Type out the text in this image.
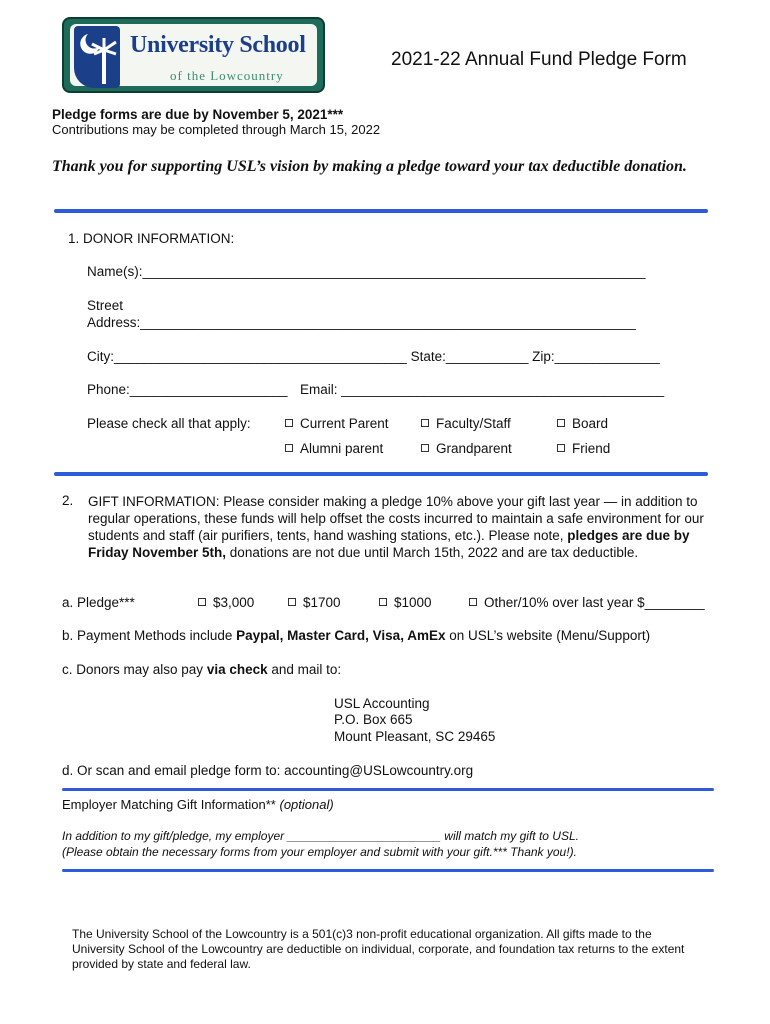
University School
of the Lowcountry
2021-22 Annual Fund Pledge Form
Pledge forms are due by November 5, 2021***
Contributions may be completed through March 15, 2022
Thank you for supporting USL’s vision by making a pledge toward your tax deductible donation.
1. DONOR INFORMATION:
Name(s):___________________________________________________________________
Street
Address:__________________________________________________________________
City:_______________________________________ State:___________ Zip:______________
Phone:_____________________ Email: ___________________________________________
Please check all that apply:	Current Parent	Faculty/Staff	Board
Alumni parent	Grandparent	Friend
2. GIFT INFORMATION: Please consider making a pledge 10% above your gift last year — in addition to regular operations, these funds will help offset the costs incurred to maintain a safe environment for our students and staff (air purifiers, tents, hand washing stations, etc.). Please note, pledges are due by Friday November 5th, donations are not due until March 15th, 2022 and are tax deductible.
a. Pledge***	$3,000	$1700	$1000	Other/10% over last year $________
b. Payment Methods include Paypal, Master Card, Visa, AmEx on USL’s website (Menu/Support)
c. Donors may also pay via check and mail to:
USL Accounting
P.O. Box 665
Mount Pleasant, SC 29465
d. Or scan and email pledge form to: accounting@USLowcountry.org
Employer Matching Gift Information** (optional)
In addition to my gift/pledge, my employer _______________________ will match my gift to USL.
(Please obtain the necessary forms from your employer and submit with your gift.*** Thank you!).
The University School of the Lowcountry is a 501(c)3 non-profit educational organization. All gifts made to the University School of the Lowcountry are deductible on individual, corporate, and foundation tax returns to the extent provided by state and federal law.
